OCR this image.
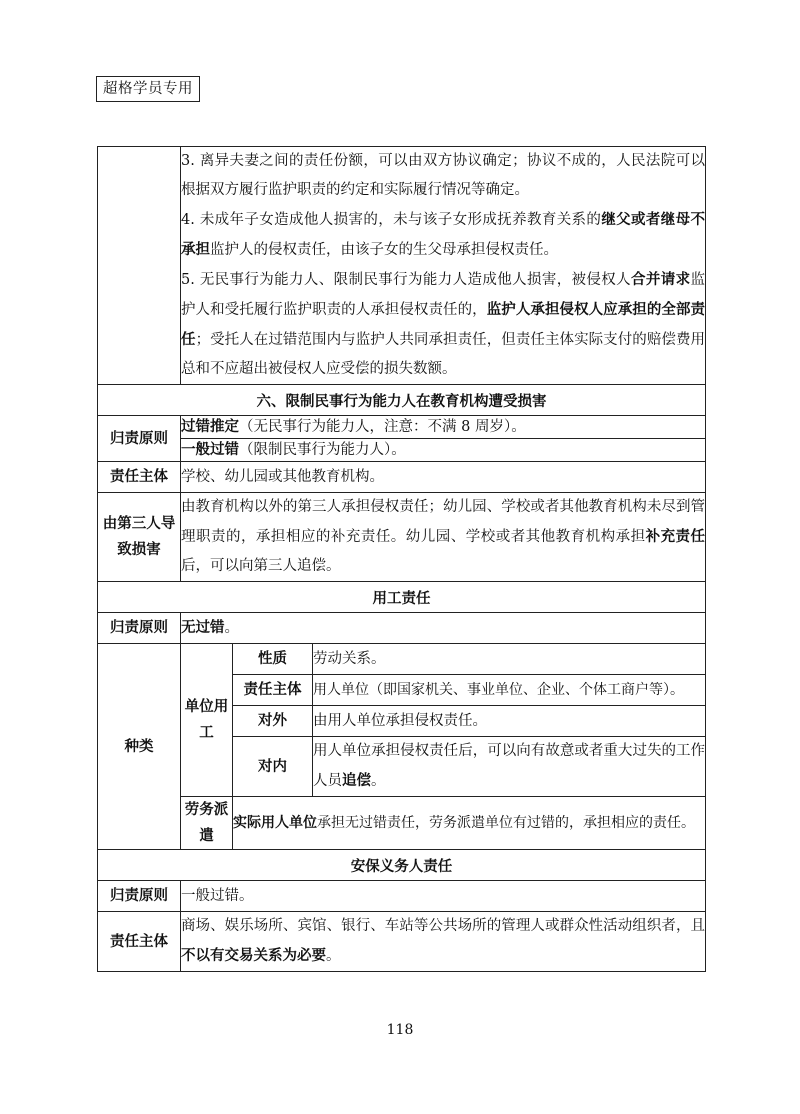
超格学员专用

	3. 离异夫妻之间的责任份额，可以由双方协议确定；协议不成的，人民法院可以根据双方履行监护职责的约定和实际履行情况等确定。
4. 未成年子女造成他人损害的，未与该子女形成抚养教育关系的继父或者继母不承担监护人的侵权责任，由该子女的生父母承担侵权责任。
5. 无民事行为能力人、限制民事行为能力人造成他人损害，被侵权人合并请求监护人和受托履行监护职责的人承担侵权责任的，监护人承担侵权人应承担的全部责任；受托人在过错范围内与监护人共同承担责任，但责任主体实际支付的赔偿费用总和不应超出被侵权人应受偿的损失数额。		

六、限制民事行为能力人在教育机构遭受损害			
归责原则	过错推定（无民事行为能力人，注意：不满 8 周岁）。		
	一般过错（限制民事行为能力人）。		
责任主体	学校、幼儿园或其他教育机构。		
由第三人导致损害	由教育机构以外的第三人承担侵权责任；幼儿园、学校或者其他教育机构未尽到管理职责的，承担相应的补充责任。幼儿园、学校或者其他教育机构承担补充责任后，可以向第三人追偿。		
用工责任			
归责原则	无过错。		
种类	单位用工	性质	劳动关系。
		责任主体	用人单位（即国家机关、事业单位、企业、个体工商户等）。
		对外	由用人单位承担侵权责任。
		对内	用人单位承担侵权责任后，可以向有故意或者重大过失的工作人员追偿。
	劳务派遣	实际用人单位承担无过错责任，劳务派遣单位有过错的，承担相应的责任。	
安保义务人责任			
归责原则	一般过错。		
责任主体	商场、娱乐场所、宾馆、银行、车站等公共场所的管理人或群众性活动组织者，且不以有交易关系为必要。		
118
